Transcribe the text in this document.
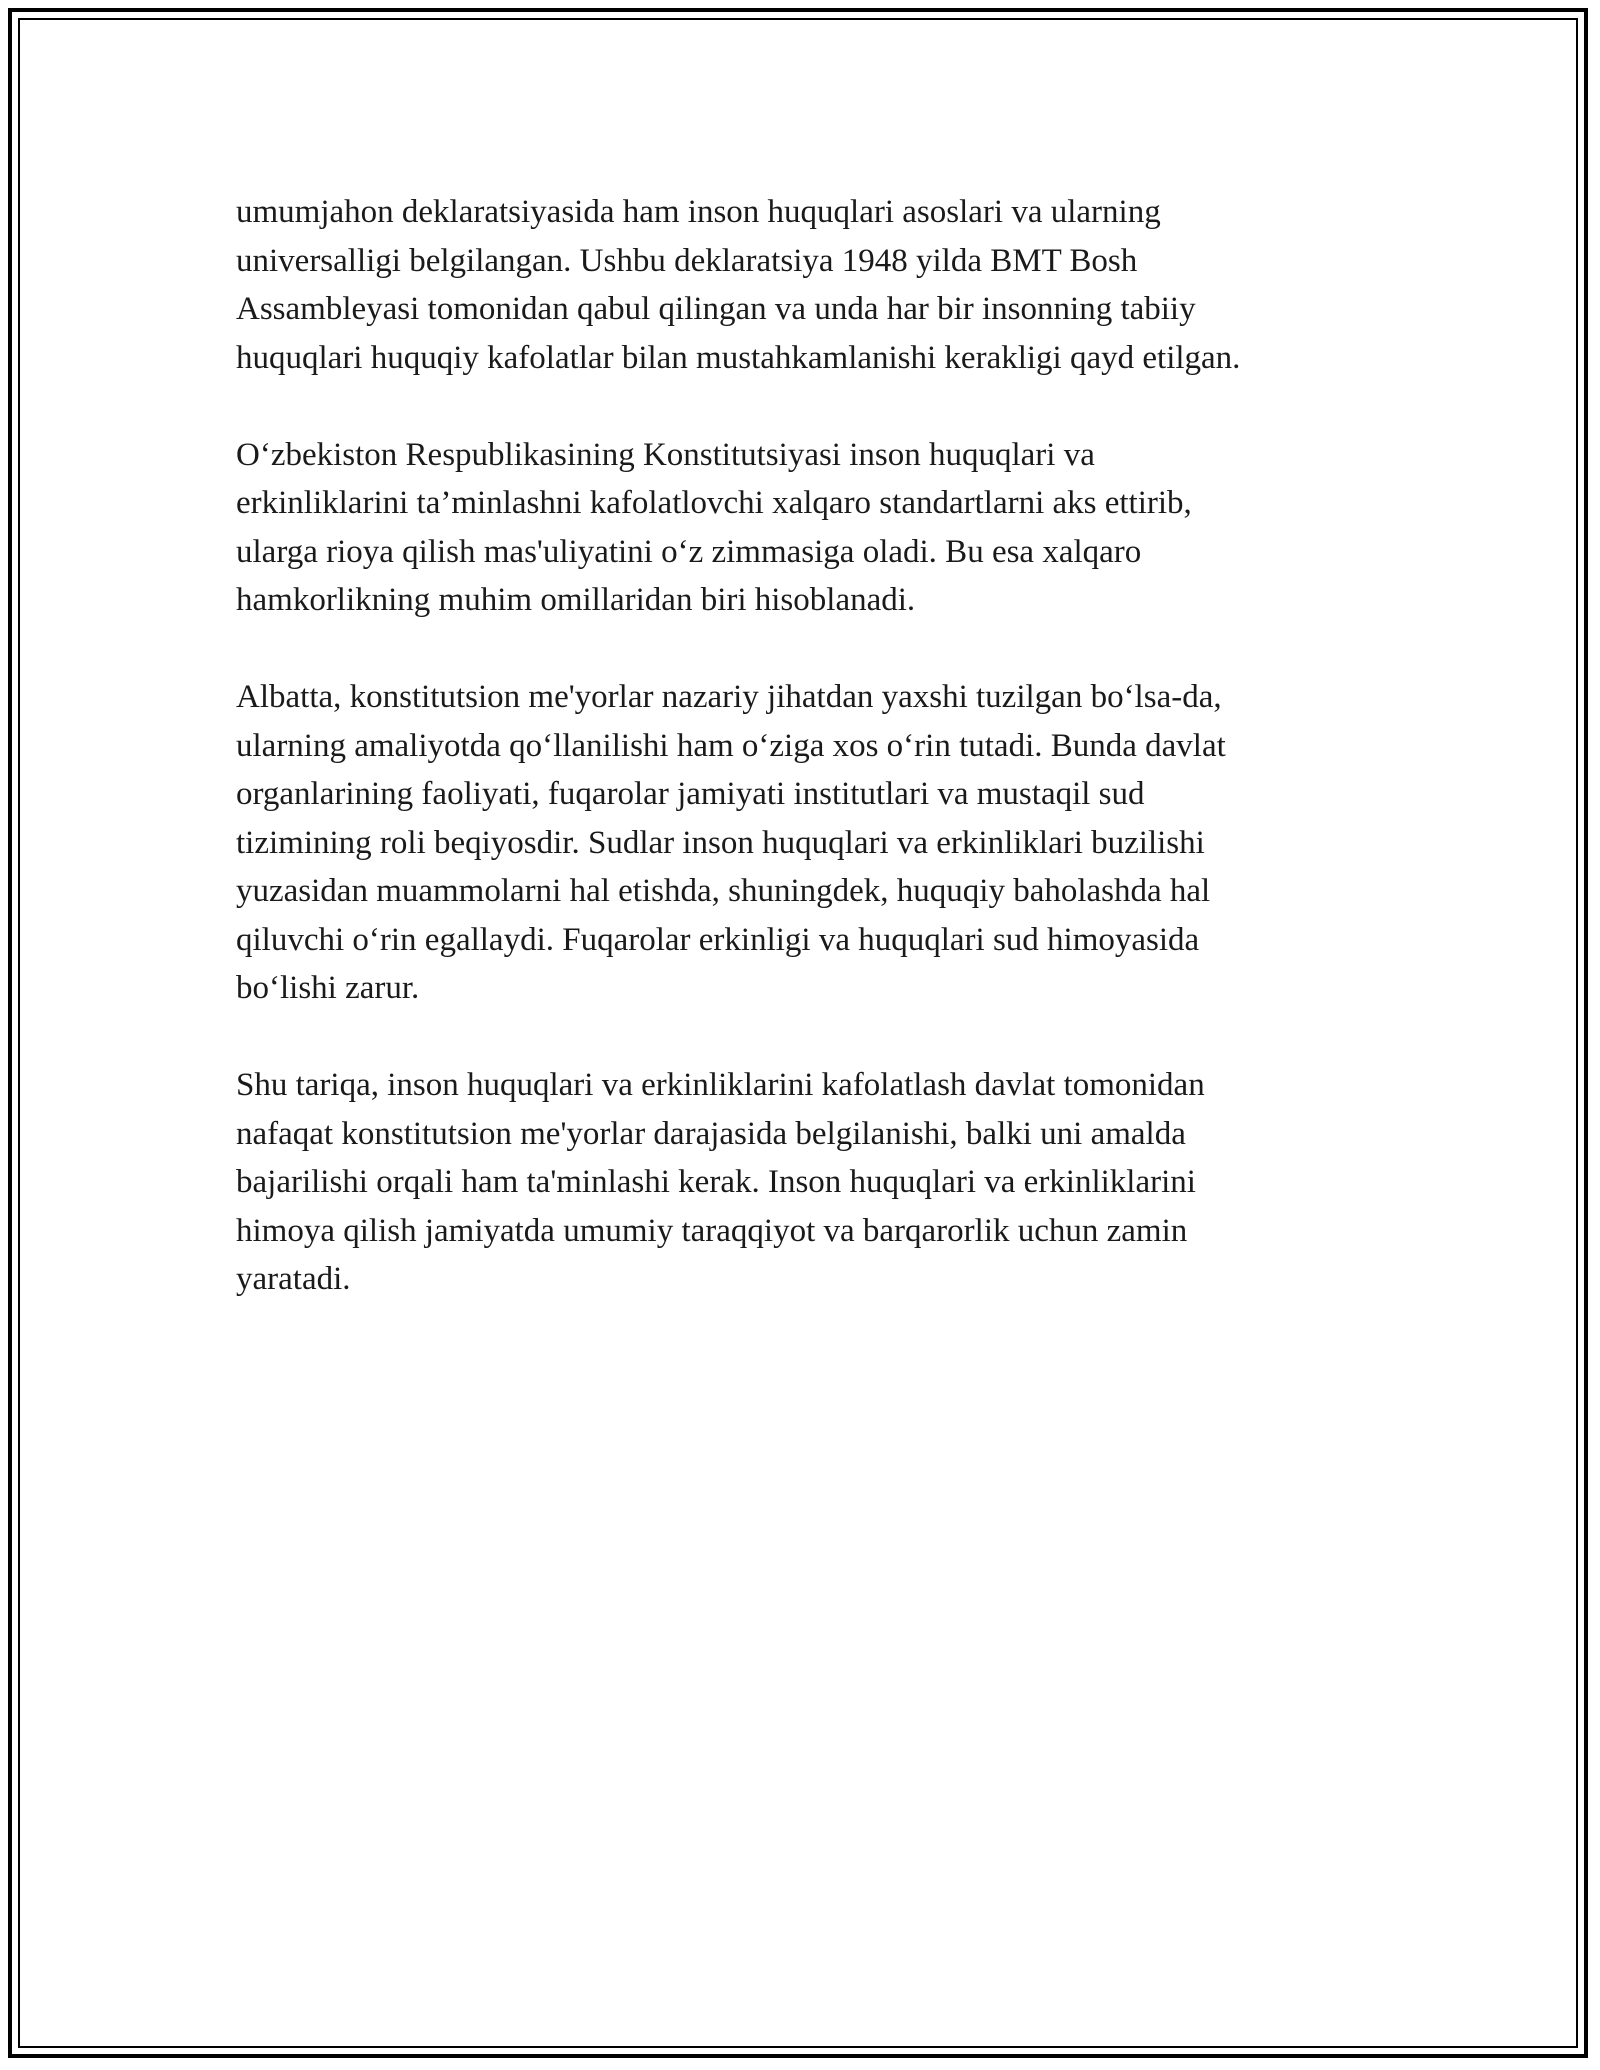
umumjahon deklaratsiyasida ham inson huquqlari asoslari va ularning
universalligi belgilangan. Ushbu deklaratsiya 1948 yilda BMT Bosh
Assambleyasi tomonidan qabul qilingan va unda har bir insonning tabiiy
huquqlari huquqiy kafolatlar bilan mustahkamlanishi kerakligi qayd etilgan.

O‘zbekiston Respublikasining Konstitutsiyasi inson huquqlari va
erkinliklarini ta’minlashni kafolatlovchi xalqaro standartlarni aks ettirib,
ularga rioya qilish mas'uliyatini o‘z zimmasiga oladi. Bu esa xalqaro
hamkorlikning muhim omillaridan biri hisoblanadi.

Albatta, konstitutsion me'yorlar nazariy jihatdan yaxshi tuzilgan bo‘lsa-da,
ularning amaliyotda qo‘llanilishi ham o‘ziga xos o‘rin tutadi. Bunda davlat
organlarining faoliyati, fuqarolar jamiyati institutlari va mustaqil sud
tizimining roli beqiyosdir. Sudlar inson huquqlari va erkinliklari buzilishi
yuzasidan muammolarni hal etishda, shuningdek, huquqiy baholashda hal
qiluvchi o‘rin egallaydi. Fuqarolar erkinligi va huquqlari sud himoyasida
bo‘lishi zarur.

Shu tariqa, inson huquqlari va erkinliklarini kafolatlash davlat tomonidan
nafaqat konstitutsion me'yorlar darajasida belgilanishi, balki uni amalda
bajarilishi orqali ham ta'minlashi kerak. Inson huquqlari va erkinliklarini
himoya qilish jamiyatda umumiy taraqqiyot va barqarorlik uchun zamin
yaratadi.
